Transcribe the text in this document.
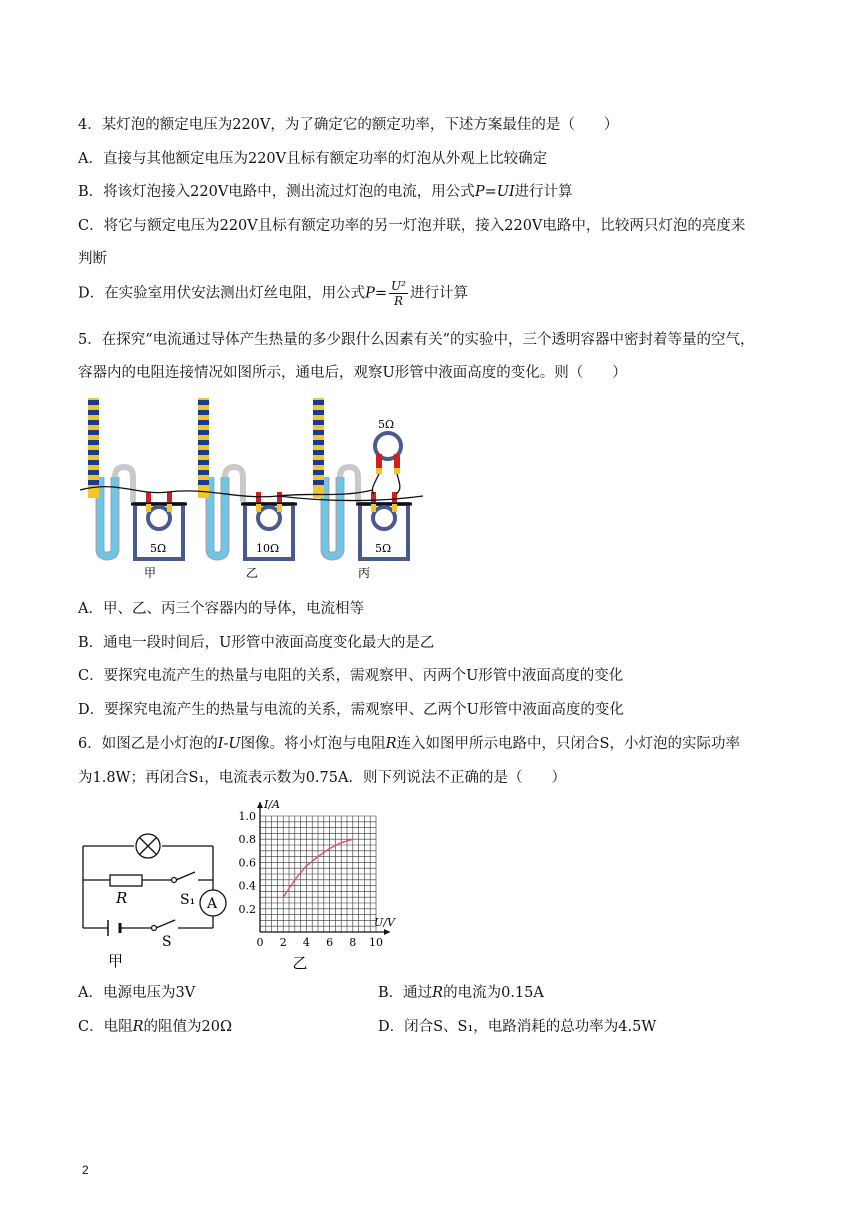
4．某灯泡的额定电压为220V，为了确定它的额定功率，下述方案最佳的是（　　）
A．直接与其他额定电压为220V且标有额定功率的灯泡从外观上比较确定
B．将该灯泡接入220V电路中，测出流过灯泡的电流，用公式P=UI进行计算
C．将它与额定电压为220V且标有额定功率的另一灯泡并联，接入220V电路中，比较两只灯泡的亮度来
判断
D．在实验室用伏安法测出灯丝电阻，用公式$P= \frac{\text{U²}}{R}$ 进行计算
5．在探究“电流通过导体产生热量的多少跟什么因素有关”的实验中，三个透明容器中密封着等量的空气，
容器内的电阻连接情况如图所示，通电后，观察U形管中液面高度的变化。则（　　）
5Ω
甲
10Ω
乙
5Ω
丙
5Ω
A．甲、乙、丙三个容器内的导体，电流相等
B．通电一段时间后，U形管中液面高度变化最大的是乙
C．要探究电流产生的热量与电阻的关系，需观察甲、丙两个U形管中液面高度的变化
D．要探究电流产生的热量与电流的关系，需观察甲、乙两个U形管中液面高度的变化
6．如图乙是小灯泡的I-U图像。将小灯泡与电阻R连入如图甲所示电路中，只闭合S，小灯泡的实际功率
为1.8W；再闭合S₁，电流表示数为0.75A．则下列说法不正确的是（　　）
R	S₁ A
S
甲
0 2 4 6 8 10
0.2
0.4
0.6
0.8
1.0
U/V
I/A
乙
A．电源电压为3V	B．通过R的电流为0.15A
C．电阻R的阻值为20Ω	D．闭合S、S₁，电路消耗的总功率为4.5W
2
